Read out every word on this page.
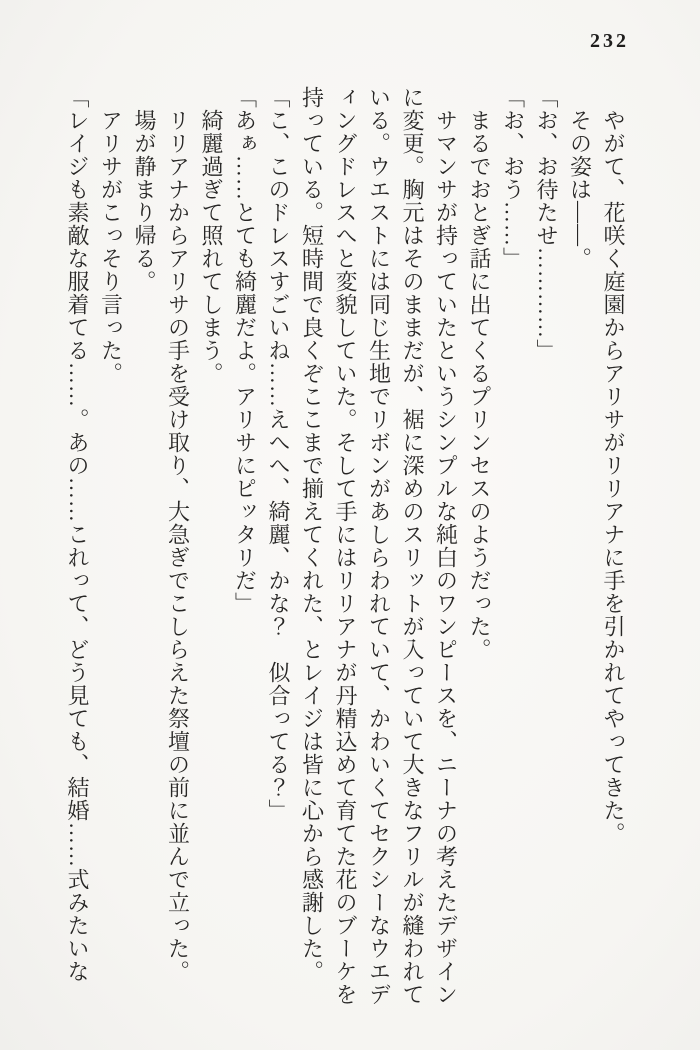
232

　やがて、花咲く庭園からアリサがリリアナに手を引かれてやってきた。

　その姿は――。

「お、お待たせ…………」

「お、おう……」

　まるでおとぎ話に出てくるプリンセスのようだった。

　サマンサが持っていたというシンプルな純白のワンピースを、ニーナの考えたデザイン

に変更。胸元はそのままだが、裾に深めのスリットが入っていて大きなフリルが縫われて

いる。ウエストには同じ生地でリボンがあしらわれていて、かわいくてセクシーなウエデ

ィングドレスへと変貌していた。そして手にはリリアナが丹精込めて育てた花のブーケを

持っている。短時間で良くぞここまで揃えてくれた、とレイジは皆に心から感謝した。

「こ、このドレスすごいね……えへへ、綺麗、かな？　似合ってる？」

「あぁ……とても綺麗だよ。アリサにピッタリだ」

　綺麗過ぎて照れてしまう。

　リリアナからアリサの手を受け取り、大急ぎでこしらえた祭壇の前に並んで立った。

　場が静まり帰る。

　アリサがこっそり言った。

「レイジも素敵な服着てる……。あの……これって、どう見ても、結婚……式みたいな
